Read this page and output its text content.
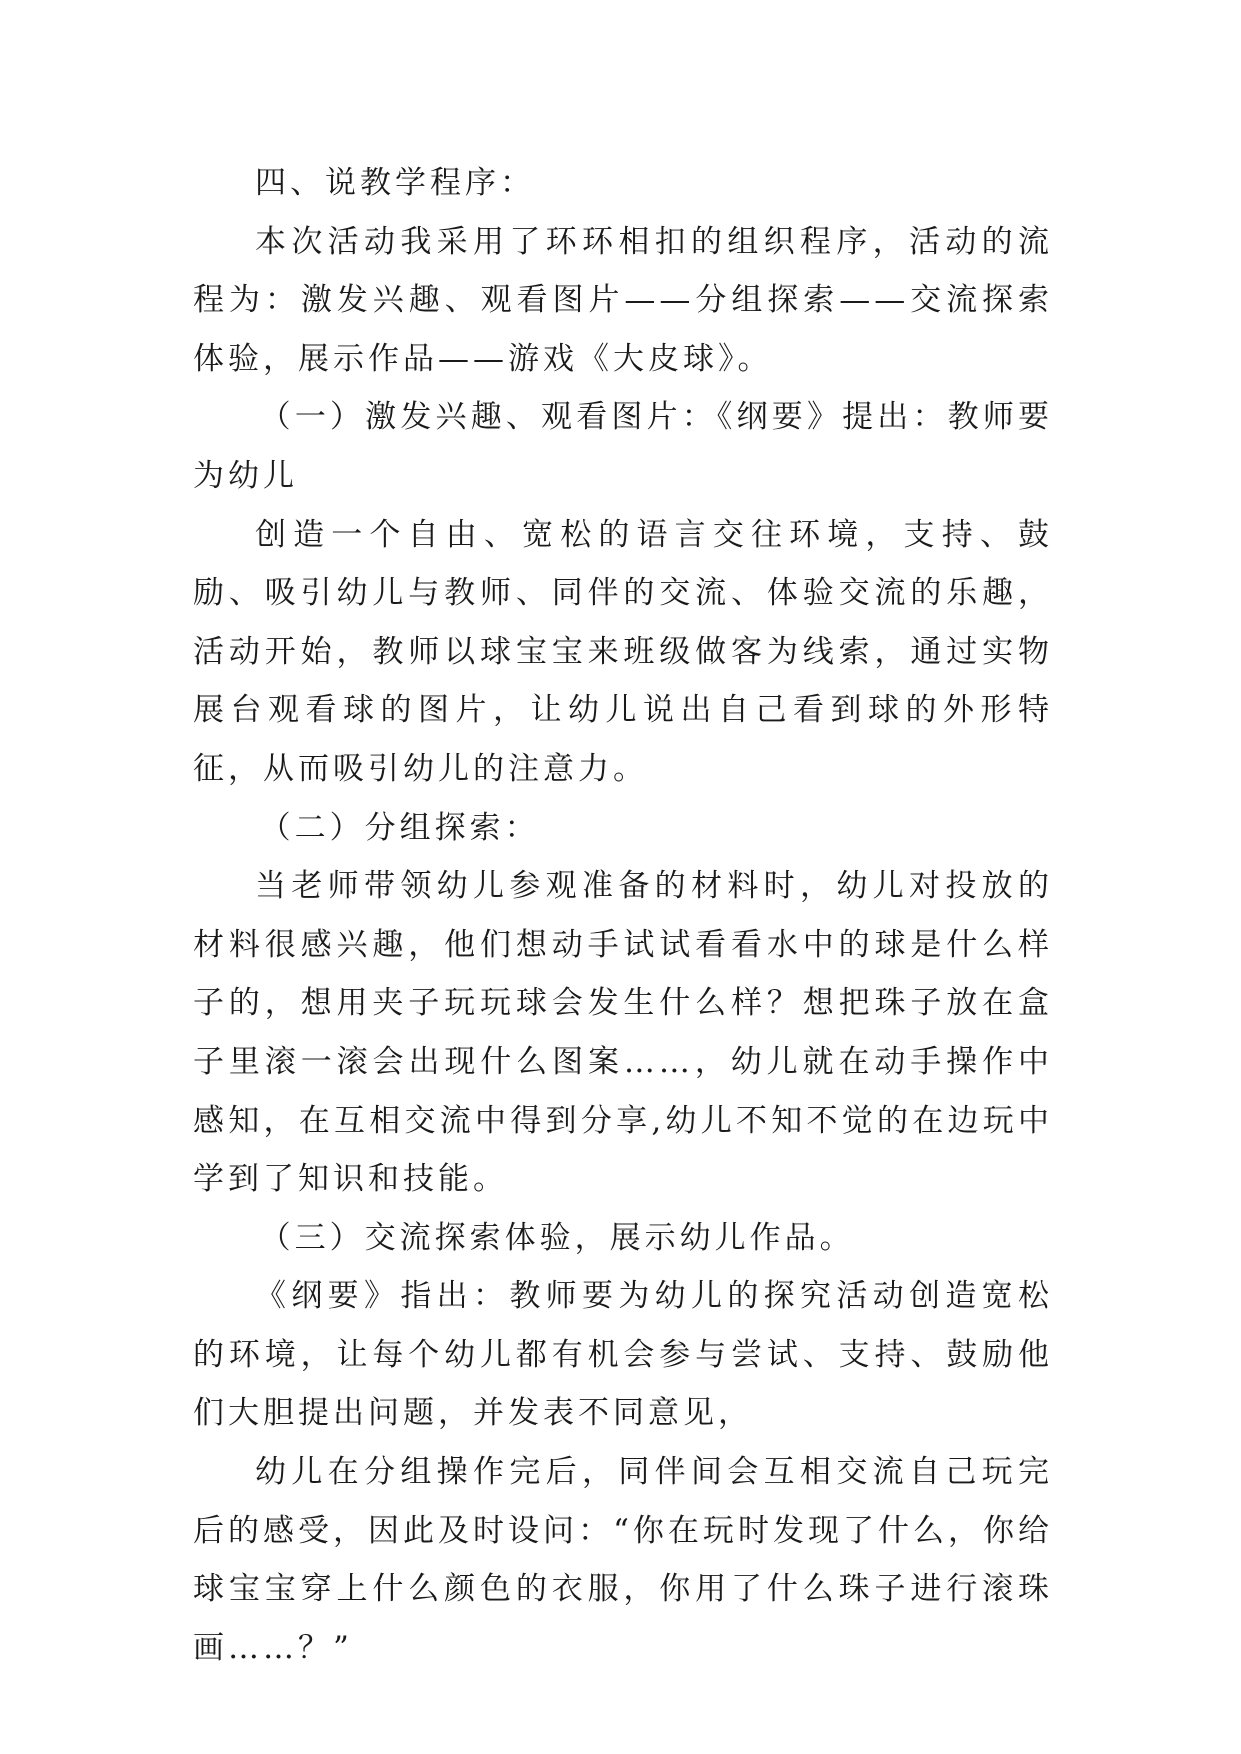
四、说教学程序：

本次活动我采用了环环相扣的组织程序，活动的流程为：激发兴趣、观看图片——分组探索——交流探索体验，展示作品——游戏《大皮球》。

（一）激发兴趣、观看图片：《纲要》提出：教师要为幼儿

创造一个自由、宽松的语言交往环境，支持、鼓励、吸引幼儿与教师、同伴的交流、体验交流的乐趣，活动开始，教师以球宝宝来班级做客为线索，通过实物展台观看球的图片，让幼儿说出自己看到球的外形特征，从而吸引幼儿的注意力。

（二）分组探索：

当老师带领幼儿参观准备的材料时，幼儿对投放的材料很感兴趣，他们想动手试试看看水中的球是什么样子的，想用夹子玩玩球会发生什么样？想把珠子放在盒子里滚一滚会出现什么图案……，幼儿就在动手操作中感知，在互相交流中得到分享,幼儿不知不觉的在边玩中学到了知识和技能。

（三）交流探索体验，展示幼儿作品。

《纲要》指出：教师要为幼儿的探究活动创造宽松的环境，让每个幼儿都有机会参与尝试、支持、鼓励他们大胆提出问题，并发表不同意见，

幼儿在分组操作完后，同伴间会互相交流自己玩完后的感受，因此及时设问：“你在玩时发现了什么，你给球宝宝穿上什么颜色的衣服，你用了什么珠子进行滚珠画……？”
